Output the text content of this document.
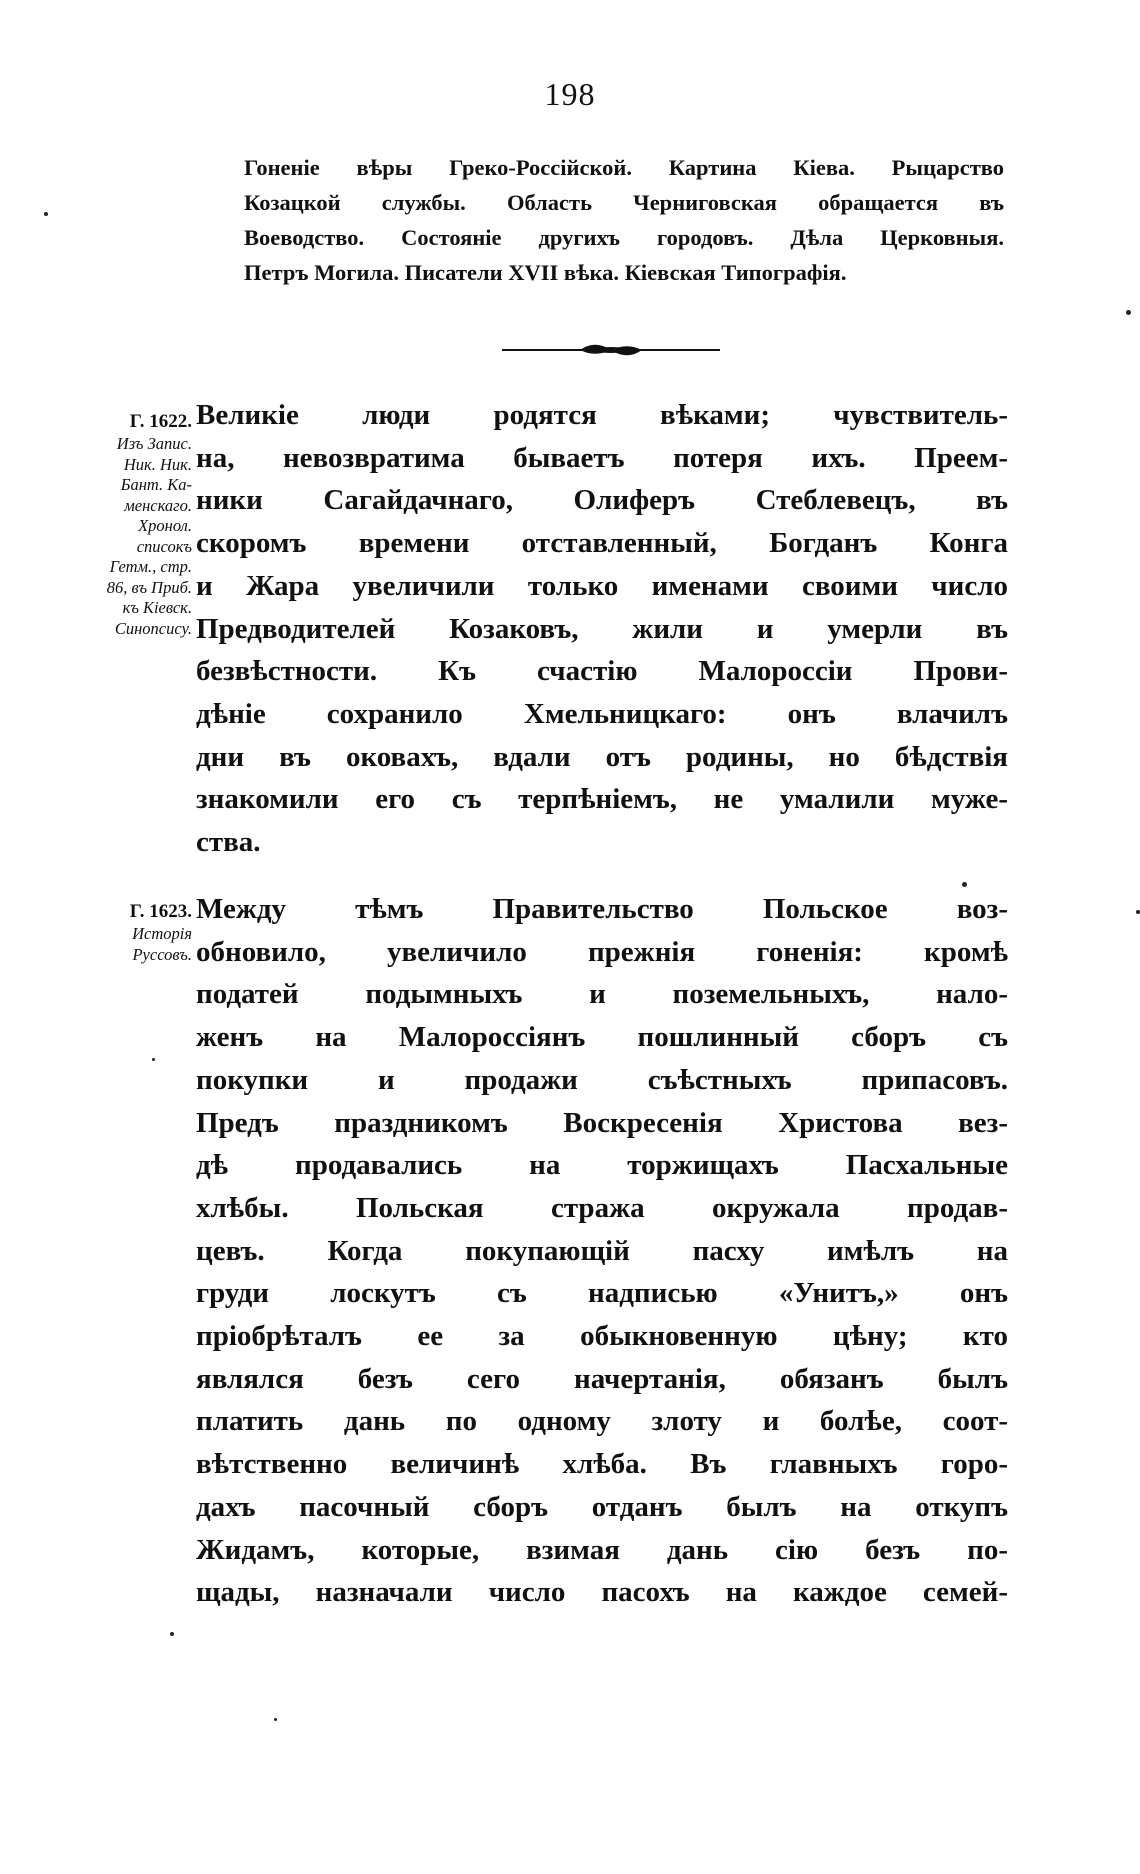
198
Гоненіе вѣры Греко-Россійской. Картина Кіева. Рыцарство
Козацкой службы. Область Черниговская обращается въ
Воеводство. Состояніе другихъ городовъ. Дѣла Церковныя.
Петръ Могила. Писатели XVII вѣка. Кіевская Типографія.
Г. 1622.
Изъ Запис.
Ник. Ник.
Бант. Ка-
менскаго.
Хронол.
списокъ
Гетм., стр.
86, въ Приб.
къ Кіевск.
Синопсису.
Г. 1623.
Исторія
Руссовъ.
Великіе люди родятся вѣками; чувствитель-
на, невозвратима бываетъ потеря ихъ. Преем-
ники Сагайдачнаго, Олиферъ Стеблевецъ, въ
скоромъ времени отставленный, Богданъ Конга
и Жара увеличили только именами своими число
Предводителей Козаковъ, жили и умерли въ
безвѣстности. Къ счастію Малороссіи Прови-
дѣніе сохранило Хмельницкаго: онъ влачилъ
дни въ оковахъ, вдали отъ родины, но бѣдствія
знакомили его съ терпѣніемъ, не умалили муже-
ства.
Между тѣмъ Правительство Польское воз-
обновило, увеличило прежнія гоненія: кромѣ
податей подымныхъ и поземельныхъ, нало-
женъ на Малороссіянъ пошлинный сборъ съ
покупки и продажи съѣстныхъ припасовъ.
Предъ праздникомъ Воскресенія Христова вез-
дѣ продавались на торжищахъ Пасхальные
хлѣбы. Польская стража окружала продав-
цевъ. Когда покупающій пасху имѣлъ на
груди лоскутъ съ надписью «Унитъ,» онъ
пріобрѣталъ ее за обыкновенную цѣну; кто
являлся безъ сего начертанія, обязанъ былъ
платить дань по одному злоту и болѣе, соот-
вѣтственно величинѣ хлѣба. Въ главныхъ горо-
дахъ пасочный сборъ отданъ былъ на откупъ
Жидамъ, которые, взимая дань сію безъ по-
щады, назначали число пасохъ на каждое семей-
